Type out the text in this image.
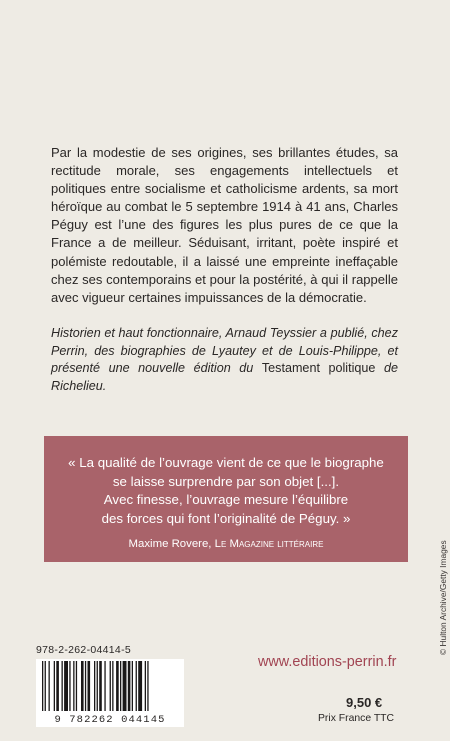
Par la modestie de ses origines, ses brillantes études, sa rectitude morale, ses engagements intellectuels et politiques entre socialisme et catholicisme ardents, sa mort héroïque au combat le 5 septembre 1914 à 41 ans, Charles Péguy est l’une des figures les plus pures de ce que la France a de meilleur. Séduisant, irritant, poète inspiré et polémiste redoutable, il a laissé une empreinte ineffaçable chez ses contemporains et pour la postérité, à qui il rappelle avec vigueur certaines impuissances de la démocratie.

Historien et haut fonctionnaire, Arnaud Teyssier a publié, chez Perrin, des biographies de Lyautey et de Louis-Philippe, et présenté une nouvelle édition du Testament politique de Richelieu.

« La qualité de l’ouvrage vient de ce que le biographe
se laisse surprendre par son objet [...].
Avec finesse, l’ouvrage mesure l’équilibre
des forces qui font l’originalité de Péguy. »
Maxime Rovere, Le Magazine littéraire	© Hulton Archive/Getty Images
978-2-262-04414-5
9 782262 044145
www.editions-perrin.fr
9,50 €
Prix France TTC
